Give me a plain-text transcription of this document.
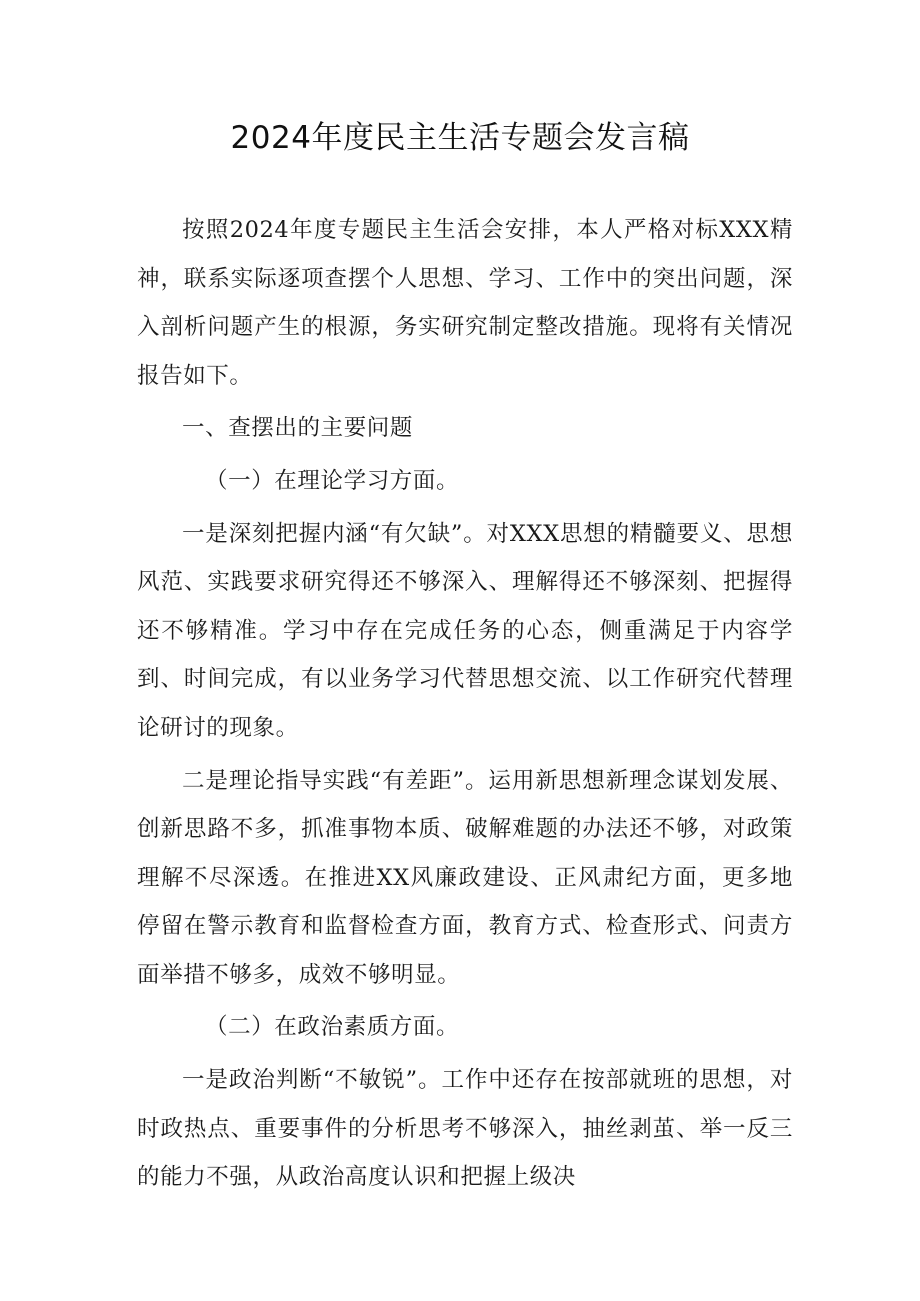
2024年度民主生活专题会发言稿

按照2024年度专题民主生活会安排，本人严格对标XXX精神，联系实际逐项查摆个人思想、学习、工作中的突出问题，深入剖析问题产生的根源，务实研究制定整改措施。现将有关情况报告如下。

一、查摆出的主要问题

（一）在理论学习方面。

一是深刻把握内涵“有欠缺”。对XXX思想的精髓要义、思想风范、实践要求研究得还不够深入、理解得还不够深刻、把握得还不够精准。学习中存在完成任务的心态，侧重满足于内容学到、时间完成，有以业务学习代替思想交流、以工作研究代替理论研讨的现象。

二是理论指导实践“有差距”。运用新思想新理念谋划发展、创新思路不多，抓准事物本质、破解难题的办法还不够，对政策理解不尽深透。在推进XX风廉政建设、正风肃纪方面，更多地停留在警示教育和监督检查方面，教育方式、检查形式、问责方面举措不够多，成效不够明显。

（二）在政治素质方面。

一是政治判断“不敏锐”。工作中还存在按部就班的思想，对时政热点、重要事件的分析思考不够深入，抽丝剥茧、举一反三的能力不强，从政治高度认识和把握上级决
